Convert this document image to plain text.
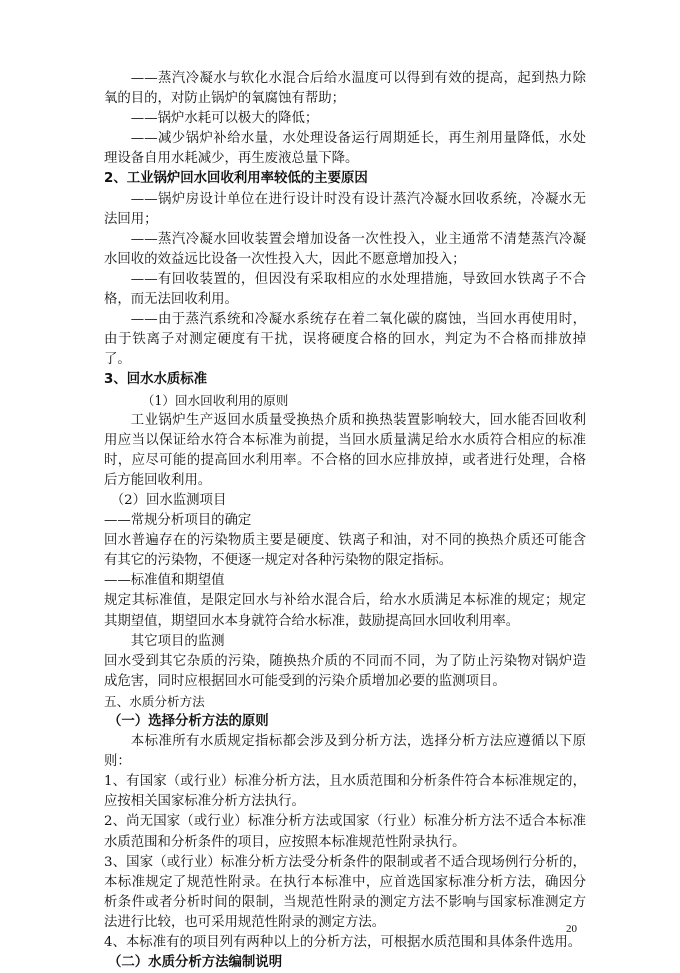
——蒸汽冷凝水与软化水混合后给水温度可以得到有效的提高，起到热力除氧的目的，对防止锅炉的氧腐蚀有帮助；

——锅炉水耗可以极大的降低；

——减少锅炉补给水量，水处理设备运行周期延长，再生剂用量降低，水处理设备自用水耗减少，再生废液总量下降。

2、工业锅炉回水回收利用率较低的主要原因

——锅炉房设计单位在进行设计时没有设计蒸汽冷凝水回收系统，冷凝水无法回用；

——蒸汽冷凝水回收装置会增加设备一次性投入，业主通常不清楚蒸汽冷凝水回收的效益远比设备一次性投入大，因此不愿意增加投入；

——有回收装置的，但因没有采取相应的水处理措施，导致回水铁离子不合格，而无法回收利用。

——由于蒸汽系统和冷凝水系统存在着二氧化碳的腐蚀，当回水再使用时，由于铁离子对测定硬度有干扰，误将硬度合格的回水，判定为不合格而排放掉了。

3、回水水质标准

（1）回水回收利用的原则

工业锅炉生产返回水质量受换热介质和换热装置影响较大，回水能否回收利用应当以保证给水符合本标准为前提，当回水质量满足给水水质符合相应的标准时，应尽可能的提高回水利用率。不合格的回水应排放掉，或者进行处理，合格后方能回收利用。

（2）回水监测项目

——常规分析项目的确定

回水普遍存在的污染物质主要是硬度、铁离子和油，对不同的换热介质还可能含有其它的污染物，不便逐一规定对各种污染物的限定指标。

——标准值和期望值

规定其标准值，是限定回水与补给水混合后，给水水质满足本标准的规定；规定其期望值，期望回水本身就符合给水标准，鼓励提高回水回收利用率。

其它项目的监测

回水受到其它杂质的污染，随换热介质的不同而不同，为了防止污染物对锅炉造成危害，同时应根据回水可能受到的污染介质增加必要的监测项目。

五、水质分析方法

（一）选择分析方法的原则

本标准所有水质规定指标都会涉及到分析方法，选择分析方法应遵循以下原则：

1、有国家（或行业）标准分析方法，且水质范围和分析条件符合本标准规定的，应按相关国家标准分析方法执行。

2、尚无国家（或行业）标准分析方法或国家（行业）标准分析方法不适合本标准水质范围和分析条件的项目，应按照本标准规范性附录执行。

3、国家（或行业）标准分析方法受分析条件的限制或者不适合现场例行分析的，本标准规定了规范性附录。在执行本标准中，应首选国家标准分析方法，确因分析条件或者分析时间的限制，当规范性附录的测定方法不影响与国家标准测定方法进行比较，也可采用规范性附录的测定方法。

4、本标准有的项目列有两种以上的分析方法，可根据水质范围和具体条件选用。

（二）水质分析方法编制说明

20
